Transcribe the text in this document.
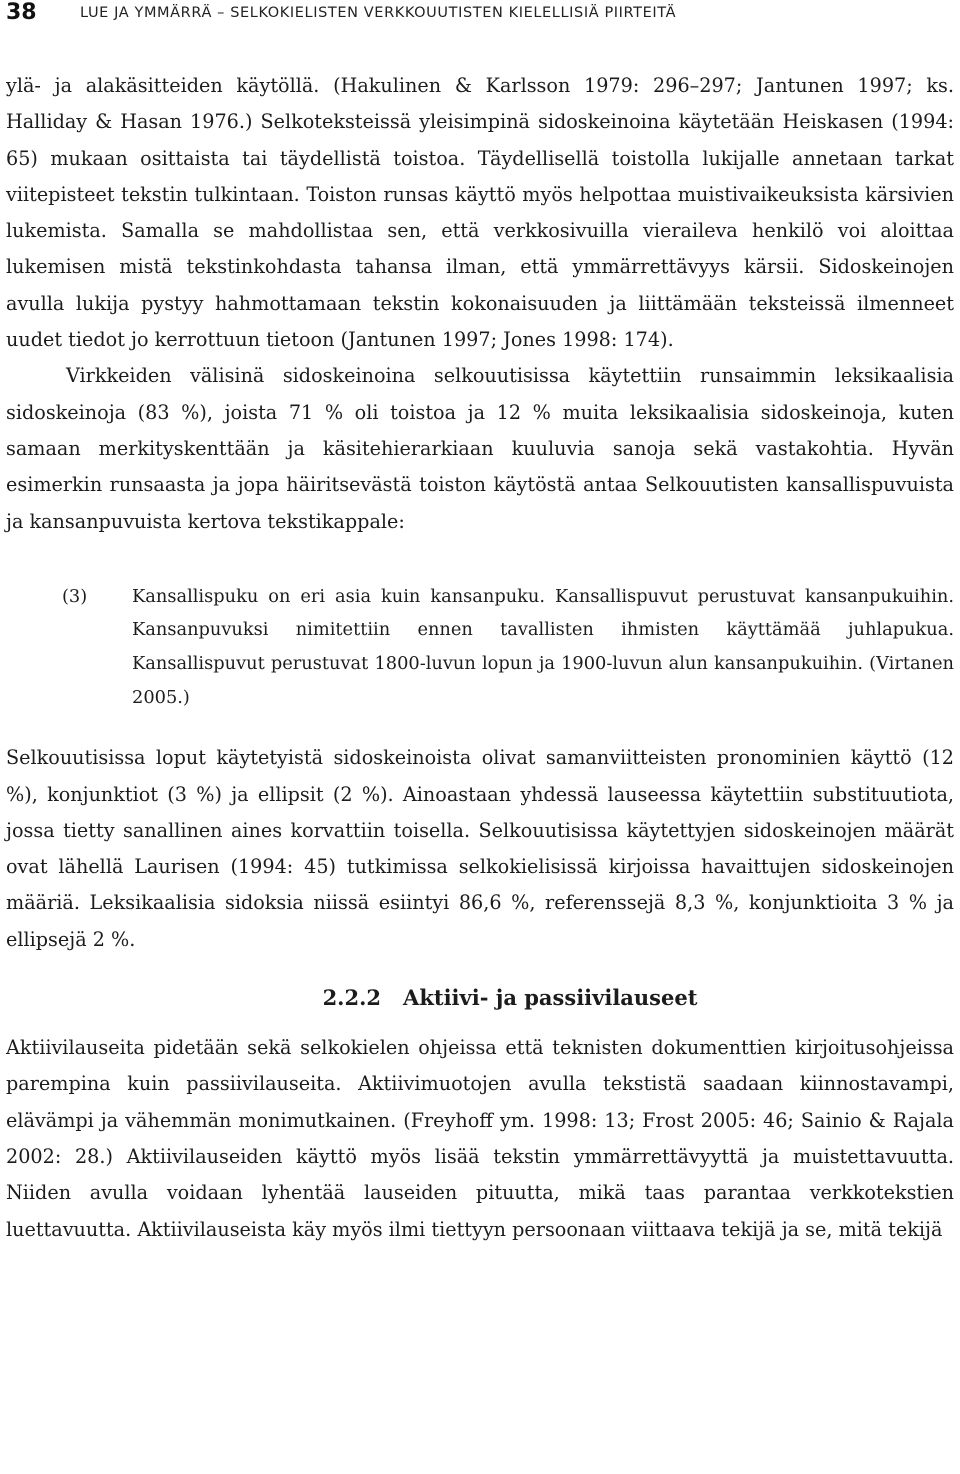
38	LUE JA YMMÄRRÄ – SELKOKIELISTEN VERKKOUUTISTEN KIELELLISIÄ PIIRTEITÄ

ylä- ja alakäsitteiden käytöllä. (Hakulinen & Karlsson 1979: 296–297; Jantunen 1997; ks. Halliday & Hasan 1976.) Selkoteksteissä yleisimpinä sidoskeinoina käytetään Heiskasen (1994: 65) mukaan osittaista tai täydellistä toistoa. Täydellisellä toistolla lukijalle annetaan tarkat viitepisteet tekstin tulkintaan. Toiston runsas käyttö myös helpottaa muistivaikeuksista kärsivien lukemista. Samalla se mahdollistaa sen, että verkkosivuilla vieraileva henkilö voi aloittaa lukemisen mistä tekstinkohdasta tahansa ilman, että ymmärrettävyys kärsii. Sidoskeinojen avulla lukija pystyy hahmottamaan tekstin kokonaisuuden ja liittämään teksteissä ilmenneet uudet tiedot jo kerrottuun tietoon (Jantunen 1997; Jones 1998: 174).

Virkkeiden välisinä sidoskeinoina selkouutisissa käytettiin runsaimmin leksikaalisia sidoskeinoja (83 %), joista 71 % oli toistoa ja 12 % muita leksikaalisia sidoskeinoja, kuten samaan merkityskenttään ja käsitehierarkiaan kuuluvia sanoja sekä vastakohtia. Hyvän esimerkin runsaasta ja jopa häiritsevästä toiston käytöstä antaa Selkouutisten kansallispuvuista ja kansanpuvuista kertova tekstikappale:

(3)	Kansallispuku on eri asia kuin kansanpuku. Kansallispuvut perustuvat kansanpukuihin. Kansanpuvuksi nimitettiin ennen tavallisten ihmisten käyttämää juhlapukua. Kansallispuvut perustuvat 1800-luvun lopun ja 1900-luvun alun kansanpukuihin. (Virtanen 2005.)

Selkouutisissa loput käytetyistä sidoskeinoista olivat samanviitteisten pronominien käyttö (12 %), konjunktiot (3 %) ja ellipsit (2 %). Ainoastaan yhdessä lauseessa käytettiin substituutiota, jossa tietty sanallinen aines korvattiin toisella. Selkouutisissa käytettyjen sidoskeinojen määrät ovat lähellä Laurisen (1994: 45) tutkimissa selkokielisissä kirjoissa havaittujen sidoskeinojen määriä. Leksikaalisia sidoksia niissä esiintyi 86,6 %, referenssejä 8,3 %, konjunktioita 3 % ja ellipsejä 2 %.

2.2.2 Aktiivi- ja passiivilauseet

Aktiivilauseita pidetään sekä selkokielen ohjeissa että teknisten dokumenttien kirjoitusohjeissa parempina kuin passiivilauseita. Aktiivimuotojen avulla tekstistä saadaan kiinnostavampi, elävämpi ja vähemmän monimutkainen. (Freyhoff ym. 1998: 13; Frost 2005: 46; Sainio & Rajala 2002: 28.) Aktiivilauseiden käyttö myös lisää tekstin ymmärrettävyyttä ja muistettavuutta. Niiden avulla voidaan lyhentää lauseiden pituutta, mikä taas parantaa verkkotekstien luettavuutta. Aktiivilauseista käy myös ilmi tiettyyn persoonaan viittaava tekijä ja se, mitä tekijä
